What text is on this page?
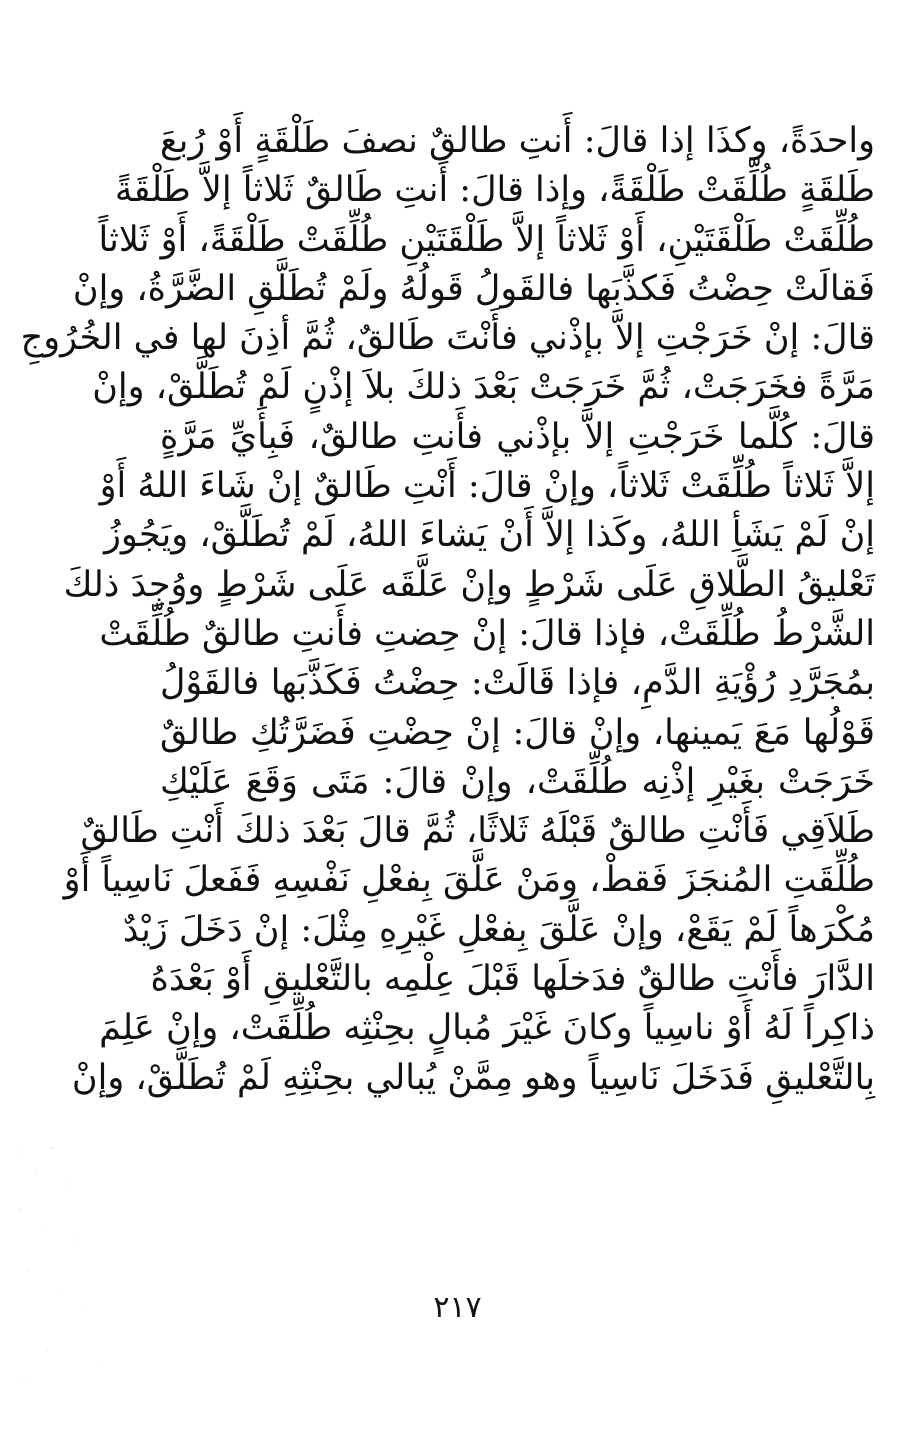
واحدَةً، وكذَا إذا قالَ: أَنتِ طالقٌ نصفَ طَلْقَةٍ أَوْ رُبعَ
طَلقَةٍ طُلِّقَتْ طَلْقَةً، وإذا قالَ: أَنتِ طَالقٌ ثَلاثاً إلاَّ طَلْقَةً
طُلِّقَتْ طَلْقَتَيْنِ، أَوْ ثَلاثاً إلاَّ طَلْقَتَيْنِ طُلِّقَتْ طَلْقَةً، أَوْ ثَلاثاً
فَقالَتْ حِضْتُ فَكذَّبَها فالقَولُ قَولُهُ ولَمْ تُطَلَّقِ الضَّرَّةُ، وإنْ
قالَ: إنْ خَرَجْتِ إلاَّ بإذْني فأَنْتَ طَالقٌ، ثُمَّ أذِنَ لها في الخُرُوجِ
مَرَّةً فخَرَجَتْ، ثُمَّ خَرَجَتْ بَعْدَ ذلكَ بلاَ إذْنٍ لَمْ تُطَلَّقْ، وإنْ
قالَ: كُلَّما خَرَجْتِ إلاَّ بإذْني فأَنتِ طالقٌ، فَبِأَيِّ مَرَّةٍ
إلاَّ ثَلاثاً طُلِّقَتْ ثَلاثاً، وإنْ قالَ: أَنْتِ طَالقٌ إنْ شَاءَ اللهُ أَوْ
إنْ لَمْ يَشَأِ اللهُ، وكَذا إلاَّ أَنْ يَشاءَ اللهُ، لَمْ تُطَلَّقْ، ويَجُوزُ
تَعْليقُ الطَّلاقِ عَلَى شَرْطٍ وإنْ عَلَّقَه عَلَى شَرْطٍ ووُجِدَ ذلكَ
الشَّرْطُ طُلِّقَتْ، فإذا قالَ: إنْ حِضتِ فأَنتِ طالقٌ طُلِّقَتْ
بمُجَرَّدِ رُؤْيَةِ الدَّمِ، فإذا قَالَتْ: حِضْتُ فَكَذَّبَها فالقَوْلُ
قَوْلُها مَعَ يَمينها، وإنْ قالَ: إنْ حِضْتِ فَضَرَّتُكِ طالقٌ
خَرَجَتْ بغَيْرِ إذْنِه طُلِّقَتْ، وإنْ قالَ: مَتَى وَقَعَ عَلَيْكِ
طَلاَقِي فَأَنْتِ طالقٌ قَبْلَهُ ثَلاثًا، ثُمَّ قالَ بَعْدَ ذلكَ أَنْتِ طَالقٌ
طُلِّقَتِ المُنجَزَ فَقطْ، ومَنْ عَلَّقَ بِفعْلِ نَفْسِهِ فَفَعلَ نَاسِياً أَوْ
مُكْرَهاً لَمْ يَقَعْ، وإنْ عَلَّقَ بِفعْلِ غَيْرِهِ مِثْلَ: إنْ دَخَلَ زَيْدٌ
الدَّارَ فأَنْتِ طالقٌ فدَخلَها قَبْلَ عِلْمِه بالتَّعْليقِ أَوْ بَعْدَهُ
ذاكِراً لَهُ أَوْ ناسِياً وكانَ غَيْرَ مُبالٍ بحِنْثِه طُلِّقَتْ، وإنْ عَلِمَ
بِالتَّعْليقِ فَدَخَلَ نَاسِياً وهو مِمَّنْ يُبالي بحِنْثِهِ لَمْ تُطَلَّقْ، وإنْ
٢١٧
